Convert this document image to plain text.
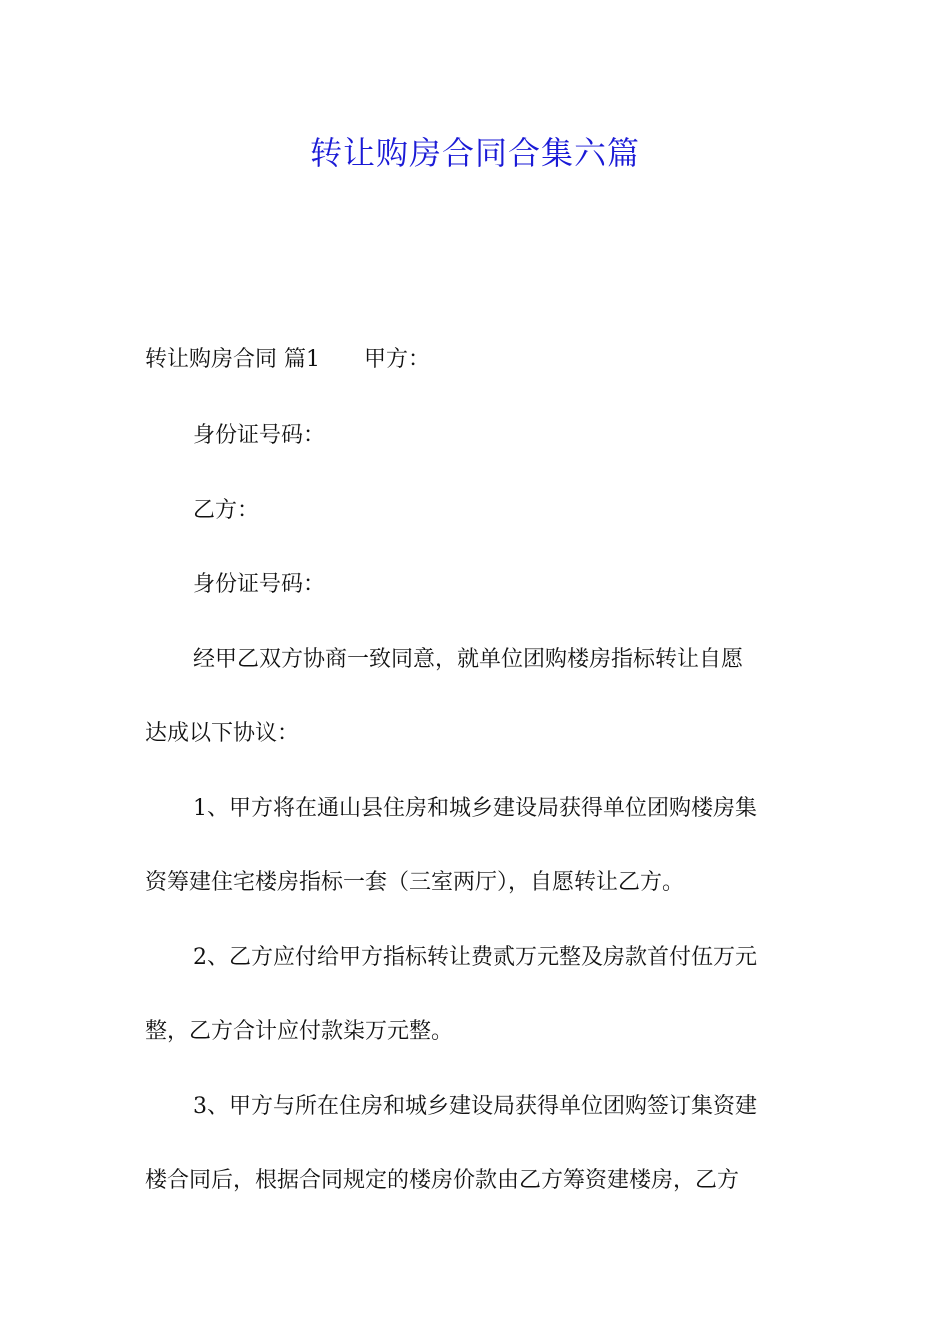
转让购房合同合集六篇
转让购房合同 篇1 甲方：
身份证号码：
乙方：
身份证号码：
经甲乙双方协商一致同意，就单位团购楼房指标转让自愿
达成以下协议：
1、甲方将在通山县住房和城乡建设局获得单位团购楼房集
资筹建住宅楼房指标一套（三室两厅），自愿转让乙方。
2、乙方应付给甲方指标转让费贰万元整及房款首付伍万元
整，乙方合计应付款柒万元整。
3、甲方与所在住房和城乡建设局获得单位团购签订集资建
楼合同后，根据合同规定的楼房价款由乙方筹资建楼房，乙方
